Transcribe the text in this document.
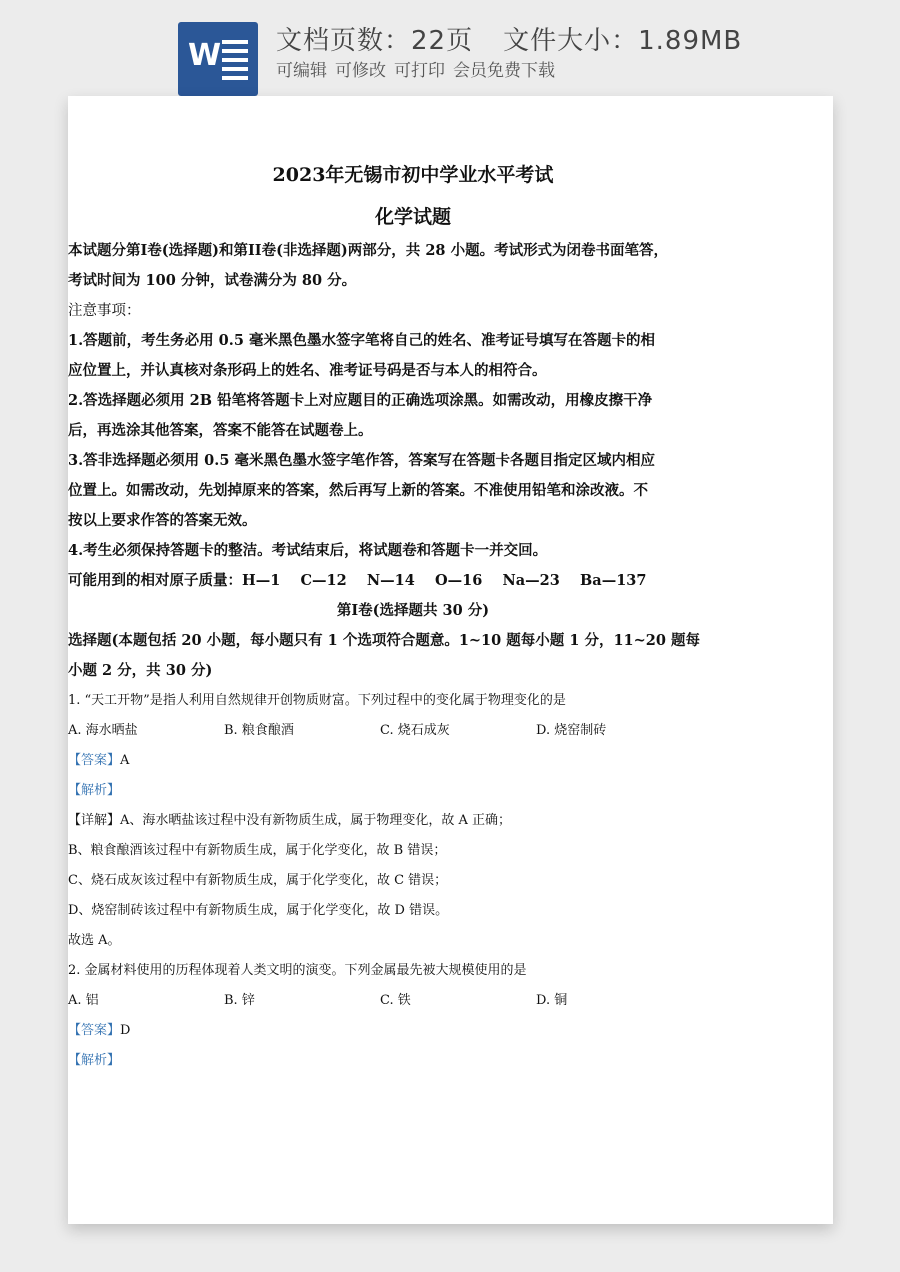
W 文档页数：22页 文件大小：1.89MB
可编辑 可修改 可打印 会员免费下载
2023年无锡市初中学业水平考试
化学试题
本试题分第I卷(选择题)和第II卷(非选择题)两部分，共 28 小题。考试形式为闭卷书面笔答，
考试时间为 100 分钟，试卷满分为 80 分。
注意事项：
1.答题前，考生务必用 0.5 毫米黑色墨水签字笔将自己的姓名、准考证号填写在答题卡的相
应位置上，并认真核对条形码上的姓名、准考证号码是否与本人的相符合。
2.答选择题必须用 2B 铅笔将答题卡上对应题目的正确选项涂黑。如需改动，用橡皮擦干净
后，再选涂其他答案，答案不能答在试题卷上。
3.答非选择题必须用 0.5 毫米黑色墨水签字笔作答，答案写在答题卡各题目指定区域内相应
位置上。如需改动，先划掉原来的答案，然后再写上新的答案。不准使用铅笔和涂改液。不
按以上要求作答的答案无效。
4.考生必须保持答题卡的整洁。考试结束后，将试题卷和答题卡一并交回。
可能用到的相对原子质量：H—1    C—12    N—14    O—16    Na—23    Ba—137
第I卷(选择题共 30 分)
选择题(本题包括 20 小题，每小题只有 1 个选项符合题意。1~10 题每小题 1 分，11~20 题每
小题 2 分，共 30 分)
1. “天工开物”是指人利用自然规律开创物质财富。下列过程中的变化属于物理变化的是
A. 海水晒盐	B. 粮食酿酒	C. 烧石成灰	D. 烧窑制砖
【答案】A
【解析】
【详解】A、海水晒盐该过程中没有新物质生成，属于物理变化，故 A 正确；
B、粮食酿酒该过程中有新物质生成，属于化学变化，故 B 错误；
C、烧石成灰该过程中有新物质生成，属于化学变化，故 C 错误；
D、烧窑制砖该过程中有新物质生成，属于化学变化，故 D 错误。
故选 A。
2. 金属材料使用的历程体现着人类文明的演变。下列金属最先被大规模使用的是
A. 铝	B. 锌	C. 铁	D. 铜
【答案】D
【解析】
